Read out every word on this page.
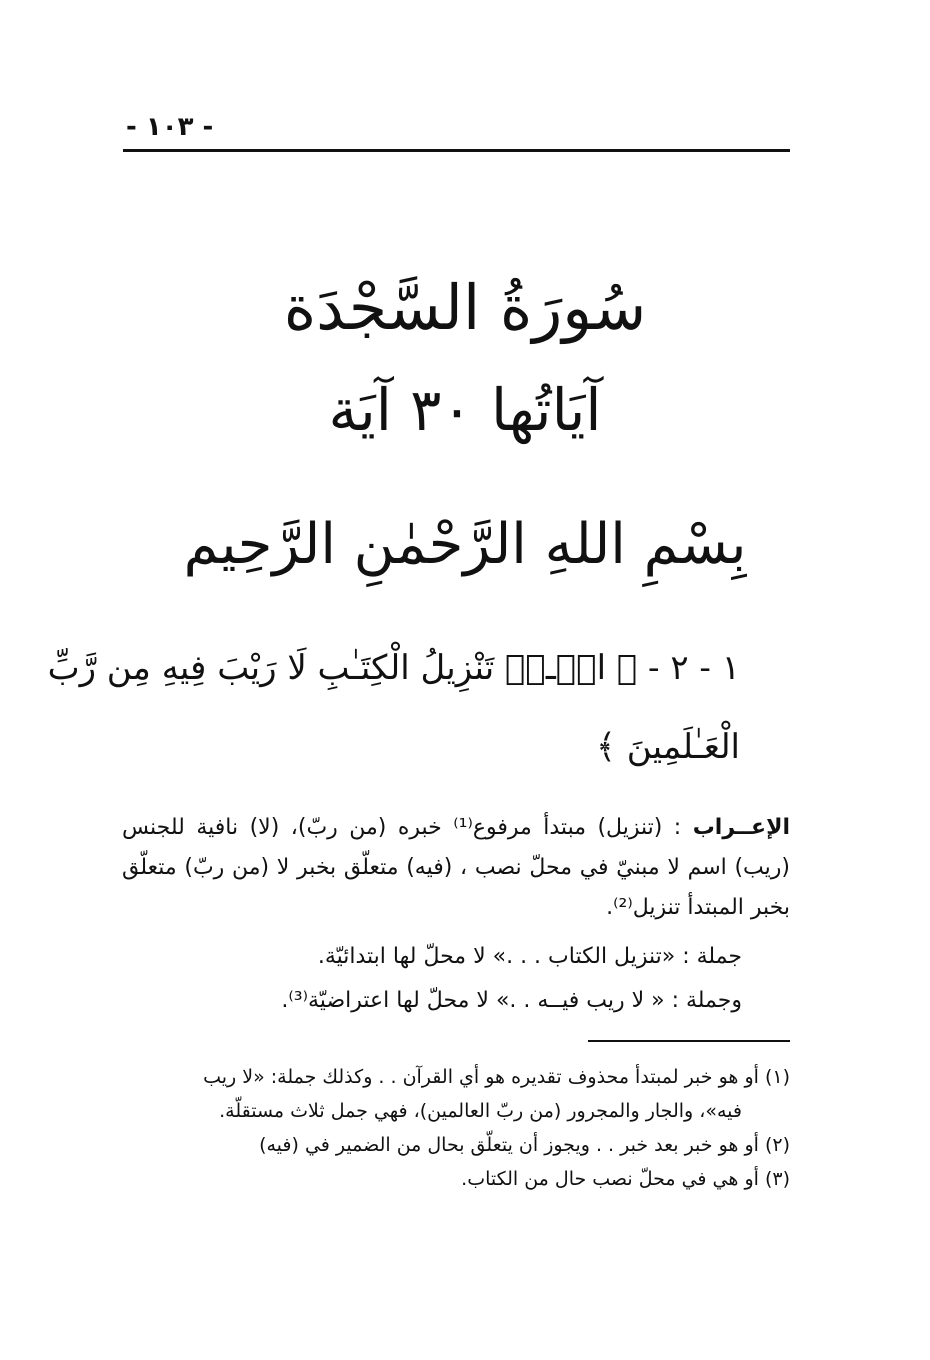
- ١٠٣ -
سُورَةُ السَّجْدَة
آيَاتُها ٣٠ آيَة
بِسْمِ اللهِ الرَّحْمٰنِ الرَّحِيم
١ - ٢ - ﴿ الۤـمۤ تَنْزِيلُ الْكِتَـٰبِ لَا رَيْبَ فِيهِ مِن رَّبِّ
الْعَـٰلَمِينَ ﴾
الإعــراب : (تنزيل) مبتدأ مرفوع⁽¹⁾ خبره (من ربّ)، (لا) نافية للجنس (ريب) اسم لا مبنيّ في محلّ نصب ، (فيه) متعلّق بخبر لا (من ربّ) متعلّق بخبر المبتدأ تنزيل⁽²⁾.
جملة : «تنزيل الكتاب . . .» لا محلّ لها ابتدائيّة.
وجملة : « لا ريب فيــه . .» لا محلّ لها اعتراضيّة⁽³⁾.

(١) أو هو خبر لمبتدأ محذوف تقديره هو أي القرآن . . وكذلك جملة: «لا ريب
فيه»، والجار والمجرور (من ربّ العالمين)، فهي جمل ثلاث مستقلّة.

(٢) أو هو خبر بعد خبر . . ويجوز أن يتعلّق بحال من الضمير في (فيه)

(٣) أو هي في محلّ نصب حال من الكتاب.
